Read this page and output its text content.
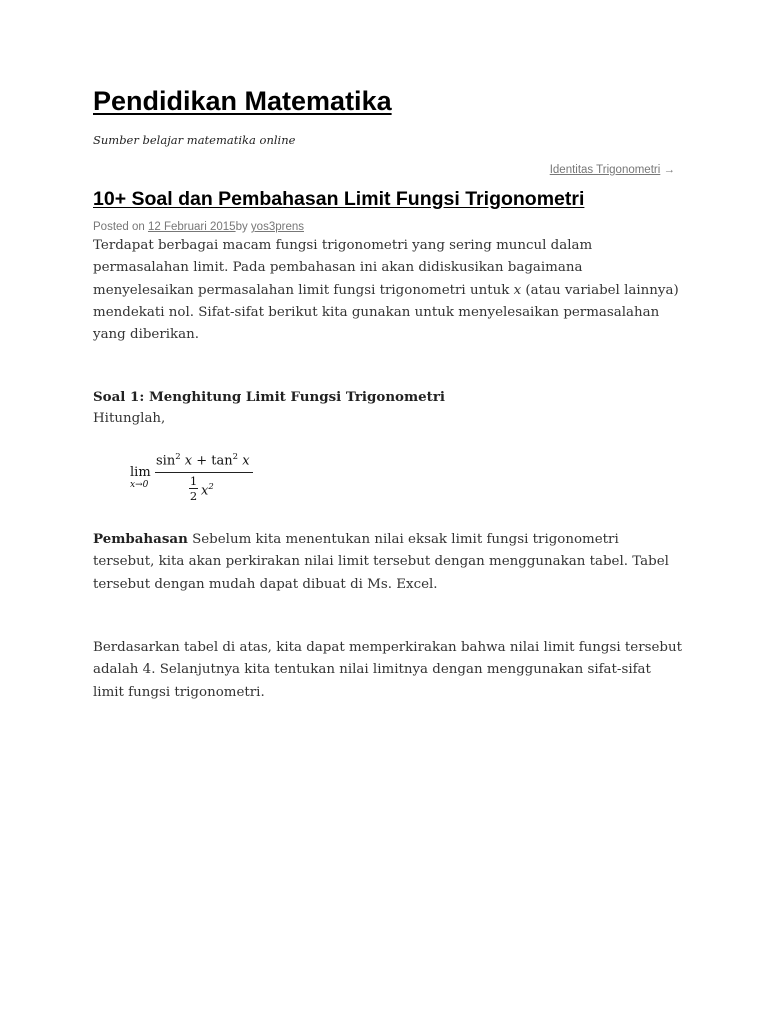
Pendidikan Matematika
Sumber belajar matematika online
Identitas Trigonometri →
10+ Soal dan Pembahasan Limit Fungsi Trigonometri
Posted on 12 Februari 2015by yos3prens

Terdapat berbagai macam fungsi trigonometri yang sering muncul dalam permasalahan limit. Pada pembahasan ini akan didiskusikan bagaimana menyelesaikan permasalahan limit fungsi trigonometri untuk x (atau variabel lainnya) mendekati nol. Sifat-sifat berikut kita gunakan untuk menyelesaikan permasalahan yang diberikan.

Soal 1: Menghitung Limit Fungsi Trigonometri
Hitunglah,
lim
x→0
$\sin^2 x + \tan^2 x$
1
2 $x^2$

Pembahasan Sebelum kita menentukan nilai eksak limit fungsi trigonometri tersebut, kita akan perkirakan nilai limit tersebut dengan menggunakan tabel. Tabel tersebut dengan mudah dapat dibuat di Ms. Excel.

Berdasarkan tabel di atas, kita dapat memperkirakan bahwa nilai limit fungsi tersebut adalah 4. Selanjutnya kita tentukan nilai limitnya dengan menggunakan sifat-sifat limit fungsi trigonometri.
